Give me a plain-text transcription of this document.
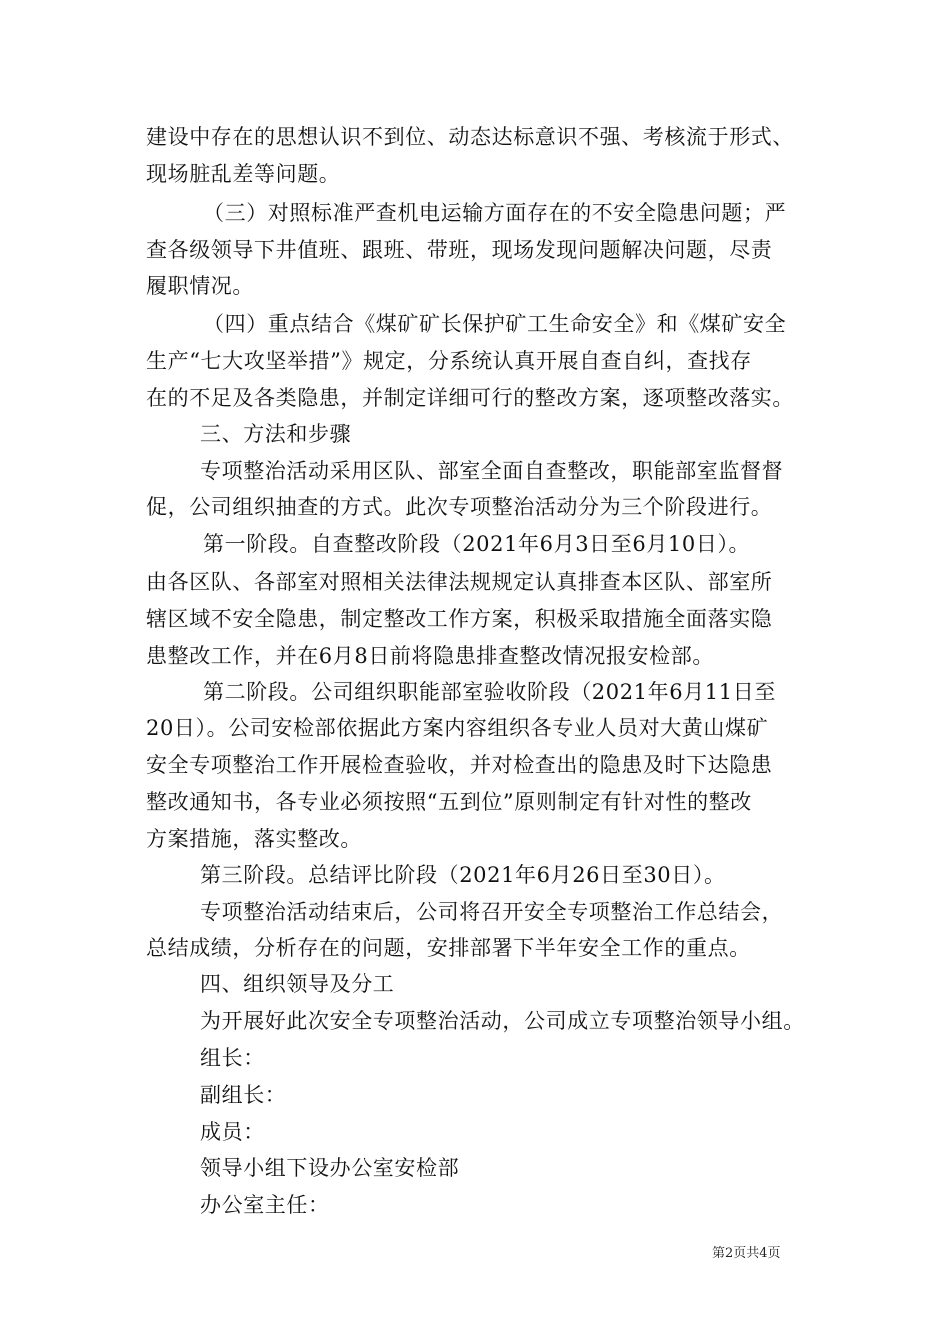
建设中存在的思想认识不到位、动态达标意识不强、考核流于形式、
现场脏乱差等问题。
（三）对照标准严查机电运输方面存在的不安全隐患问题；严
查各级领导下井值班、跟班、带班，现场发现问题解决问题，尽责
履职情况。
（四）重点结合《煤矿矿长保护矿工生命安全》和《煤矿安全
生产“七大攻坚举措”》规定，分系统认真开展自查自纠，查找存
在的不足及各类隐患，并制定详细可行的整改方案，逐项整改落实。
三、方法和步骤
专项整治活动采用区队、部室全面自查整改，职能部室监督督
促，公司组织抽查的方式。此次专项整治活动分为三个阶段进行。
第一阶段。自查整改阶段（2021年6月3日至6月10日）。
由各区队、各部室对照相关法律法规规定认真排查本区队、部室所
辖区域不安全隐患，制定整改工作方案，积极采取措施全面落实隐
患整改工作，并在6月8日前将隐患排查整改情况报安检部。
第二阶段。公司组织职能部室验收阶段（2021年6月11日至
20日）。公司安检部依据此方案内容组织各专业人员对大黄山煤矿
安全专项整治工作开展检查验收，并对检查出的隐患及时下达隐患
整改通知书，各专业必须按照“五到位”原则制定有针对性的整改
方案措施，落实整改。
第三阶段。总结评比阶段（2021年6月26日至30日）。
专项整治活动结束后，公司将召开安全专项整治工作总结会，
总结成绩，分析存在的问题，安排部署下半年安全工作的重点。
四、组织领导及分工
为开展好此次安全专项整治活动，公司成立专项整治领导小组。
组长：
副组长：
成员：
领导小组下设办公室安检部
办公室主任：
第2页共4页
